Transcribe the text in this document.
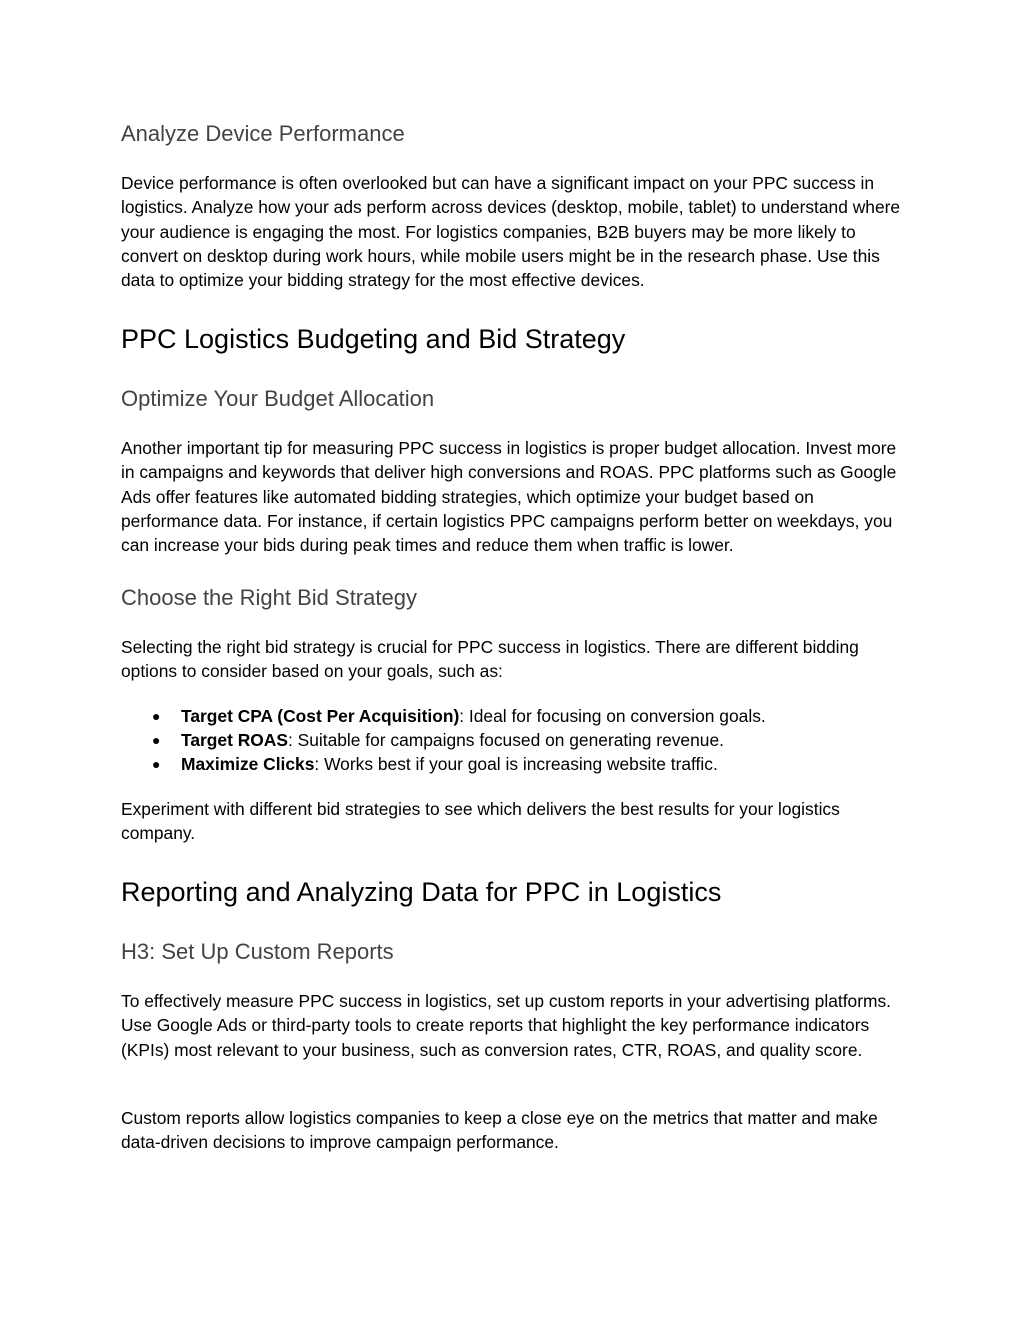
Analyze Device Performance

Device performance is often overlooked but can have a significant impact on your PPC success in logistics. Analyze how your ads perform across devices (desktop, mobile, tablet) to understand where your audience is engaging the most. For logistics companies, B2B buyers may be more likely to convert on desktop during work hours, while mobile users might be in the research phase. Use this data to optimize your bidding strategy for the most effective devices.

PPC Logistics Budgeting and Bid Strategy
Optimize Your Budget Allocation

Another important tip for measuring PPC success in logistics is proper budget allocation. Invest more in campaigns and keywords that deliver high conversions and ROAS. PPC platforms such as Google Ads offer features like automated bidding strategies, which optimize your budget based on performance data. For instance, if certain logistics PPC campaigns perform better on weekdays, you can increase your bids during peak times and reduce them when traffic is lower.

Choose the Right Bid Strategy

Selecting the right bid strategy is crucial for PPC success in logistics. There are different bidding options to consider based on your goals, such as:

● Target CPA (Cost Per Acquisition): Ideal for focusing on conversion goals.
● Target ROAS: Suitable for campaigns focused on generating revenue.
● Maximize Clicks: Works best if your goal is increasing website traffic.

Experiment with different bid strategies to see which delivers the best results for your logistics company.

Reporting and Analyzing Data for PPC in Logistics
H3: Set Up Custom Reports

To effectively measure PPC success in logistics, set up custom reports in your advertising platforms. Use Google Ads or third-party tools to create reports that highlight the key performance indicators (KPIs) most relevant to your business, such as conversion rates, CTR, ROAS, and quality score.

Custom reports allow logistics companies to keep a close eye on the metrics that matter and make data-driven decisions to improve campaign performance.
